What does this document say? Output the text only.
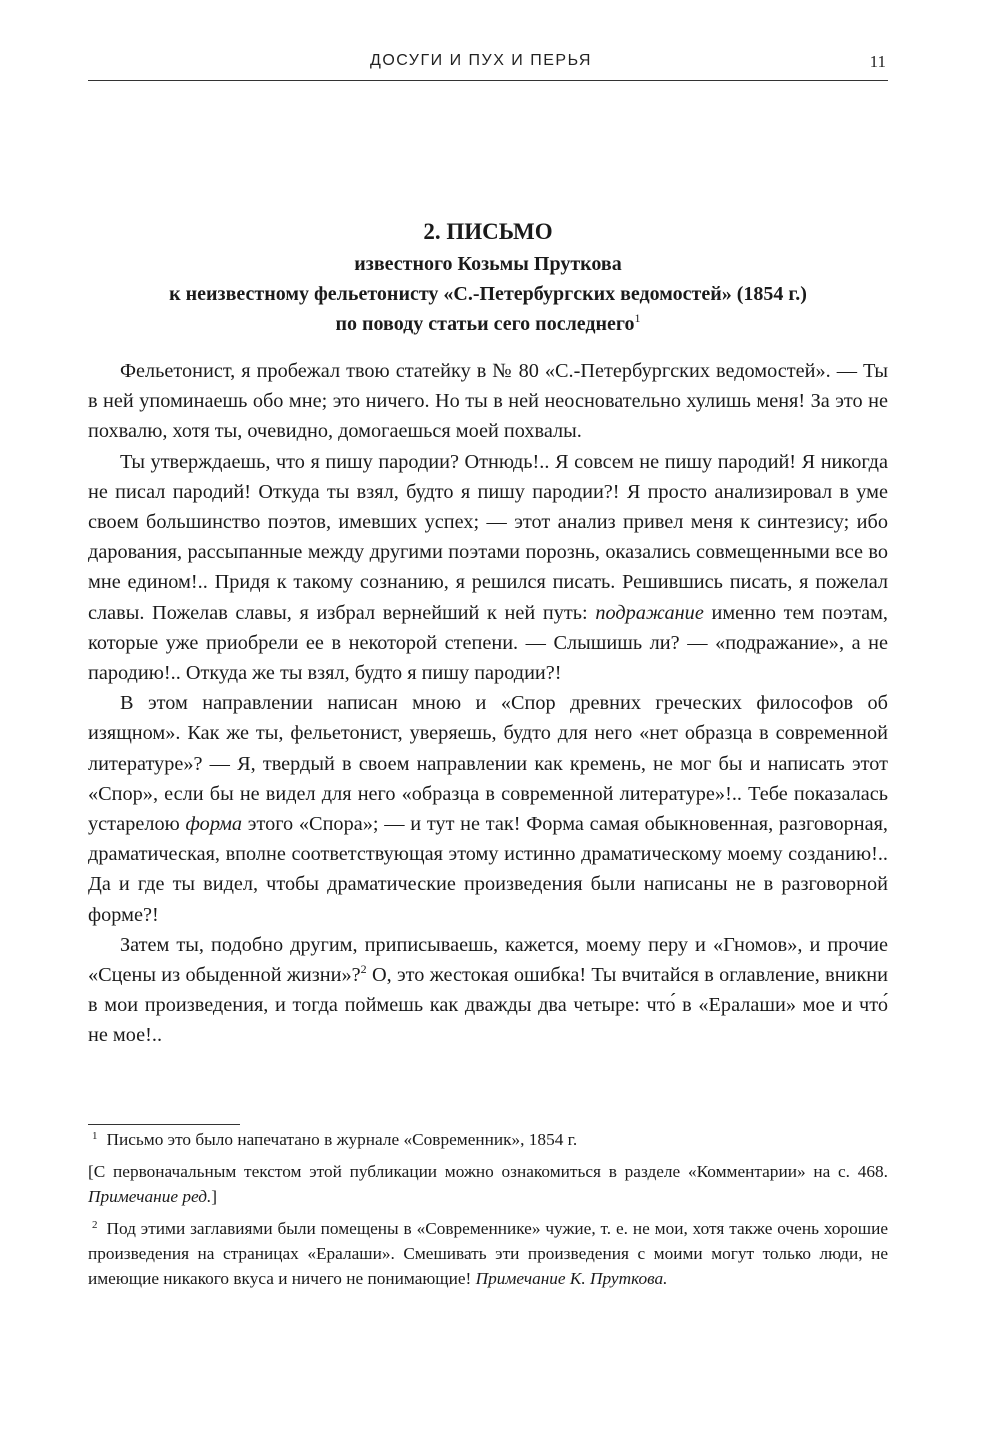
ДОСУГИ И ПУХ И ПЕРЬЯ	11
2. ПИСЬМО
известного Козьмы Пруткова
к неизвестному фельетонисту «С.-Петербургских ведомостей» (1854 г.)
по поводу статьи сего последнего$^1$

Фельетонист, я пробежал твою статейку в № 80 «С.-Петербургских ведомостей». — Ты в ней упоминаешь обо мне; это ничего. Но ты в ней неосновательно хулишь меня! За это не похвалю, хотя ты, очевидно, домогаешься моей похвалы.

Ты утверждаешь, что я пишу пародии? Отнюдь!.. Я совсем не пишу пародий! Я никогда не писал пародий! Откуда ты взял, будто я пишу пародии?! Я просто анализировал в уме своем большинство поэтов, имевших успех; — этот анализ привел меня к синтезису; ибо дарования, рассыпанные между другими поэтами порознь, оказались совмещенными все во мне едином!.. Придя к такому сознанию, я решился писать. Решившись писать, я пожелал славы. Пожелав славы, я избрал вернейший к ней путь: подражание именно тем поэтам, которые уже приобрели ее в некоторой степени. — Слышишь ли? — «подражание», а не пародию!.. Откуда же ты взял, будто я пишу пародии?!

В этом направлении написан мною и «Спор древних греческих философов об изящном». Как же ты, фельетонист, уверяешь, будто для него «нет образца в современной литературе»? — Я, твердый в своем направлении как кремень, не мог бы и написать этот «Спор», если бы не видел для него «образца в современной литературе»!.. Тебе показалась устарелою форма этого «Спора»; — и тут не так! Форма самая обыкновенная, разговорная, драматическая, вполне соответствующая этому истинно драматическому моему созданию!.. Да и где ты видел, чтобы драматические произведения были написаны не в разговорной форме?!

Затем ты, подобно другим, приписываешь, кажется, моему перу и «Гномов», и прочие «Сцены из обыденной жизни»?$^2$ О, это жестокая ошибка! Ты вчитайся в оглавление, вникни в мои произведения, и тогда поймешь как дважды два четыре: что́ в «Ералаши» мое и что́ не мое!..

$^1$ Письмо это было напечатано в журнале «Современник», 1854 г.

[С первоначальным текстом этой публикации можно ознакомиться в разделе «Комментарии» на с. 468. Примечание ред.]

$^2$ Под этими заглавиями были помещены в «Современнике» чужие, т. е. не мои, хотя также очень хорошие произведения на страницах «Ералаши». Смешивать эти произведения с моими могут только люди, не имеющие никакого вкуса и ничего не понимающие! Примечание К. Пруткова.
